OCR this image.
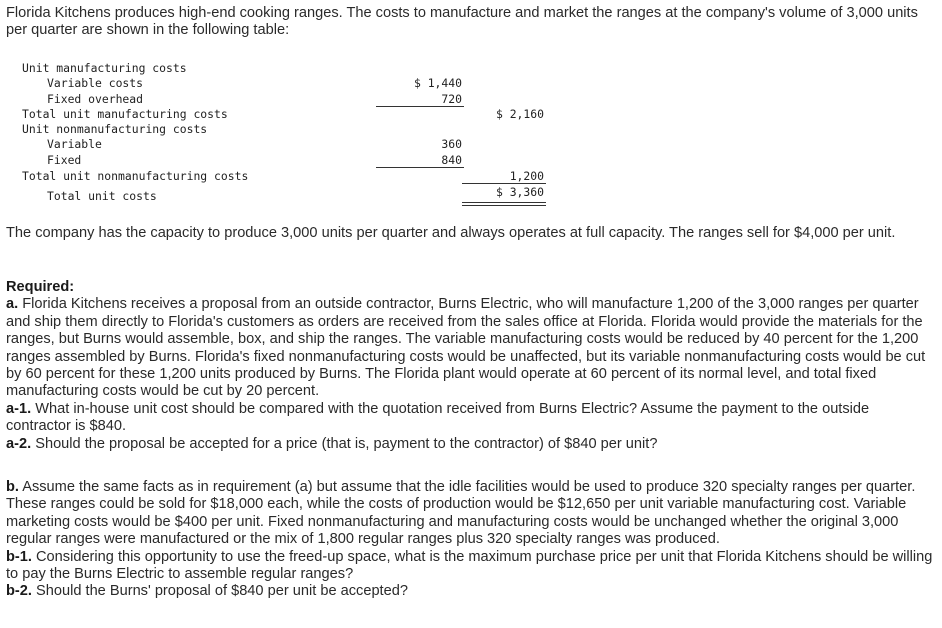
Florida Kitchens produces high-end cooking ranges. The costs to manufacture and market the ranges at the company's volume of 3,000 units per quarter are shown in the following table:

Unit manufacturing costs
Variable costs	$ 1,440
Fixed overhead	720
Total unit manufacturing costs	$ 2,160
Unit nonmanufacturing costs
Variable	360
Fixed	840
Total unit nonmanufacturing costs	1,200
Total unit costs	$ 3,360

The company has the capacity to produce 3,000 units per quarter and always operates at full capacity. The ranges sell for $4,000 per unit.

Required:

a. Florida Kitchens receives a proposal from an outside contractor, Burns Electric, who will manufacture 1,200 of the 3,000 ranges per quarter and ship them directly to Florida's customers as orders are received from the sales office at Florida. Florida would provide the materials for the ranges, but Burns would assemble, box, and ship the ranges. The variable manufacturing costs would be reduced by 40 percent for the 1,200 ranges assembled by Burns. Florida's fixed nonmanufacturing costs would be unaffected, but its variable nonmanufacturing costs would be cut by 60 percent for these 1,200 units produced by Burns. The Florida plant would operate at 60 percent of its normal level, and total fixed manufacturing costs would be cut by 20 percent.

a-1. What in-house unit cost should be compared with the quotation received from Burns Electric? Assume the payment to the outside contractor is $840.

a-2. Should the proposal be accepted for a price (that is, payment to the contractor) of $840 per unit?

b. Assume the same facts as in requirement (a) but assume that the idle facilities would be used to produce 320 specialty ranges per quarter. These ranges could be sold for $18,000 each, while the costs of production would be $12,650 per unit variable manufacturing cost. Variable marketing costs would be $400 per unit. Fixed nonmanufacturing and manufacturing costs would be unchanged whether the original 3,000 regular ranges were manufactured or the mix of 1,800 regular ranges plus 320 specialty ranges was produced.

b-1. Considering this opportunity to use the freed-up space, what is the maximum purchase price per unit that Florida Kitchens should be willing to pay the Burns Electric to assemble regular ranges?

b-2. Should the Burns' proposal of $840 per unit be accepted?
